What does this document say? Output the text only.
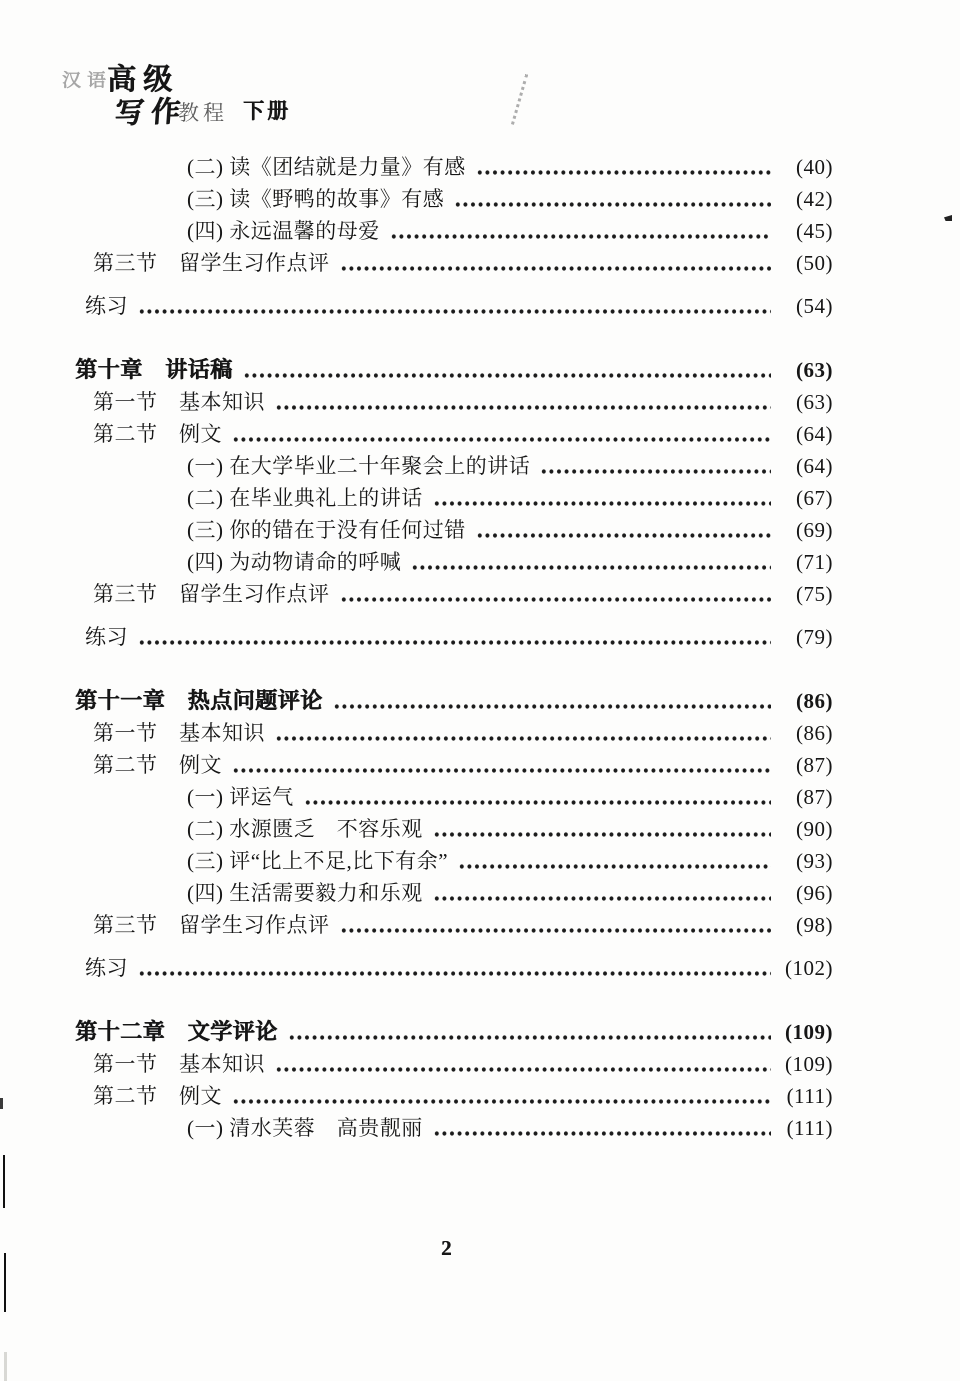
汉语
高级
写作
教程 下册
(二) 读《团结就是力量》有感	(40)
(三) 读《野鸭的故事》有感	(42)
(四) 永远温馨的母爱	(45)
第三节　留学生习作点评	(50)
练习	(54)
第十章　讲话稿	(63)
第一节　基本知识	(63)
第二节　例文	(64)
(一) 在大学毕业二十年聚会上的讲话	(64)
(二) 在毕业典礼上的讲话	(67)
(三) 你的错在于没有任何过错	(69)
(四) 为动物请命的呼喊	(71)
第三节　留学生习作点评	(75)
练习	(79)
第十一章　热点问题评论	(86)
第一节　基本知识	(86)
第二节　例文	(87)
(一) 评运气	(87)
(二) 水源匮乏　不容乐观	(90)
(三) 评“比上不足,比下有余”	(93)
(四) 生活需要毅力和乐观	(96)
第三节　留学生习作点评	(98)
练习	(102)
第十二章　文学评论	(109)
第一节　基本知识	(109)
第二节　例文	(111)
(一) 清水芙蓉　高贵靓丽	(111)
2
